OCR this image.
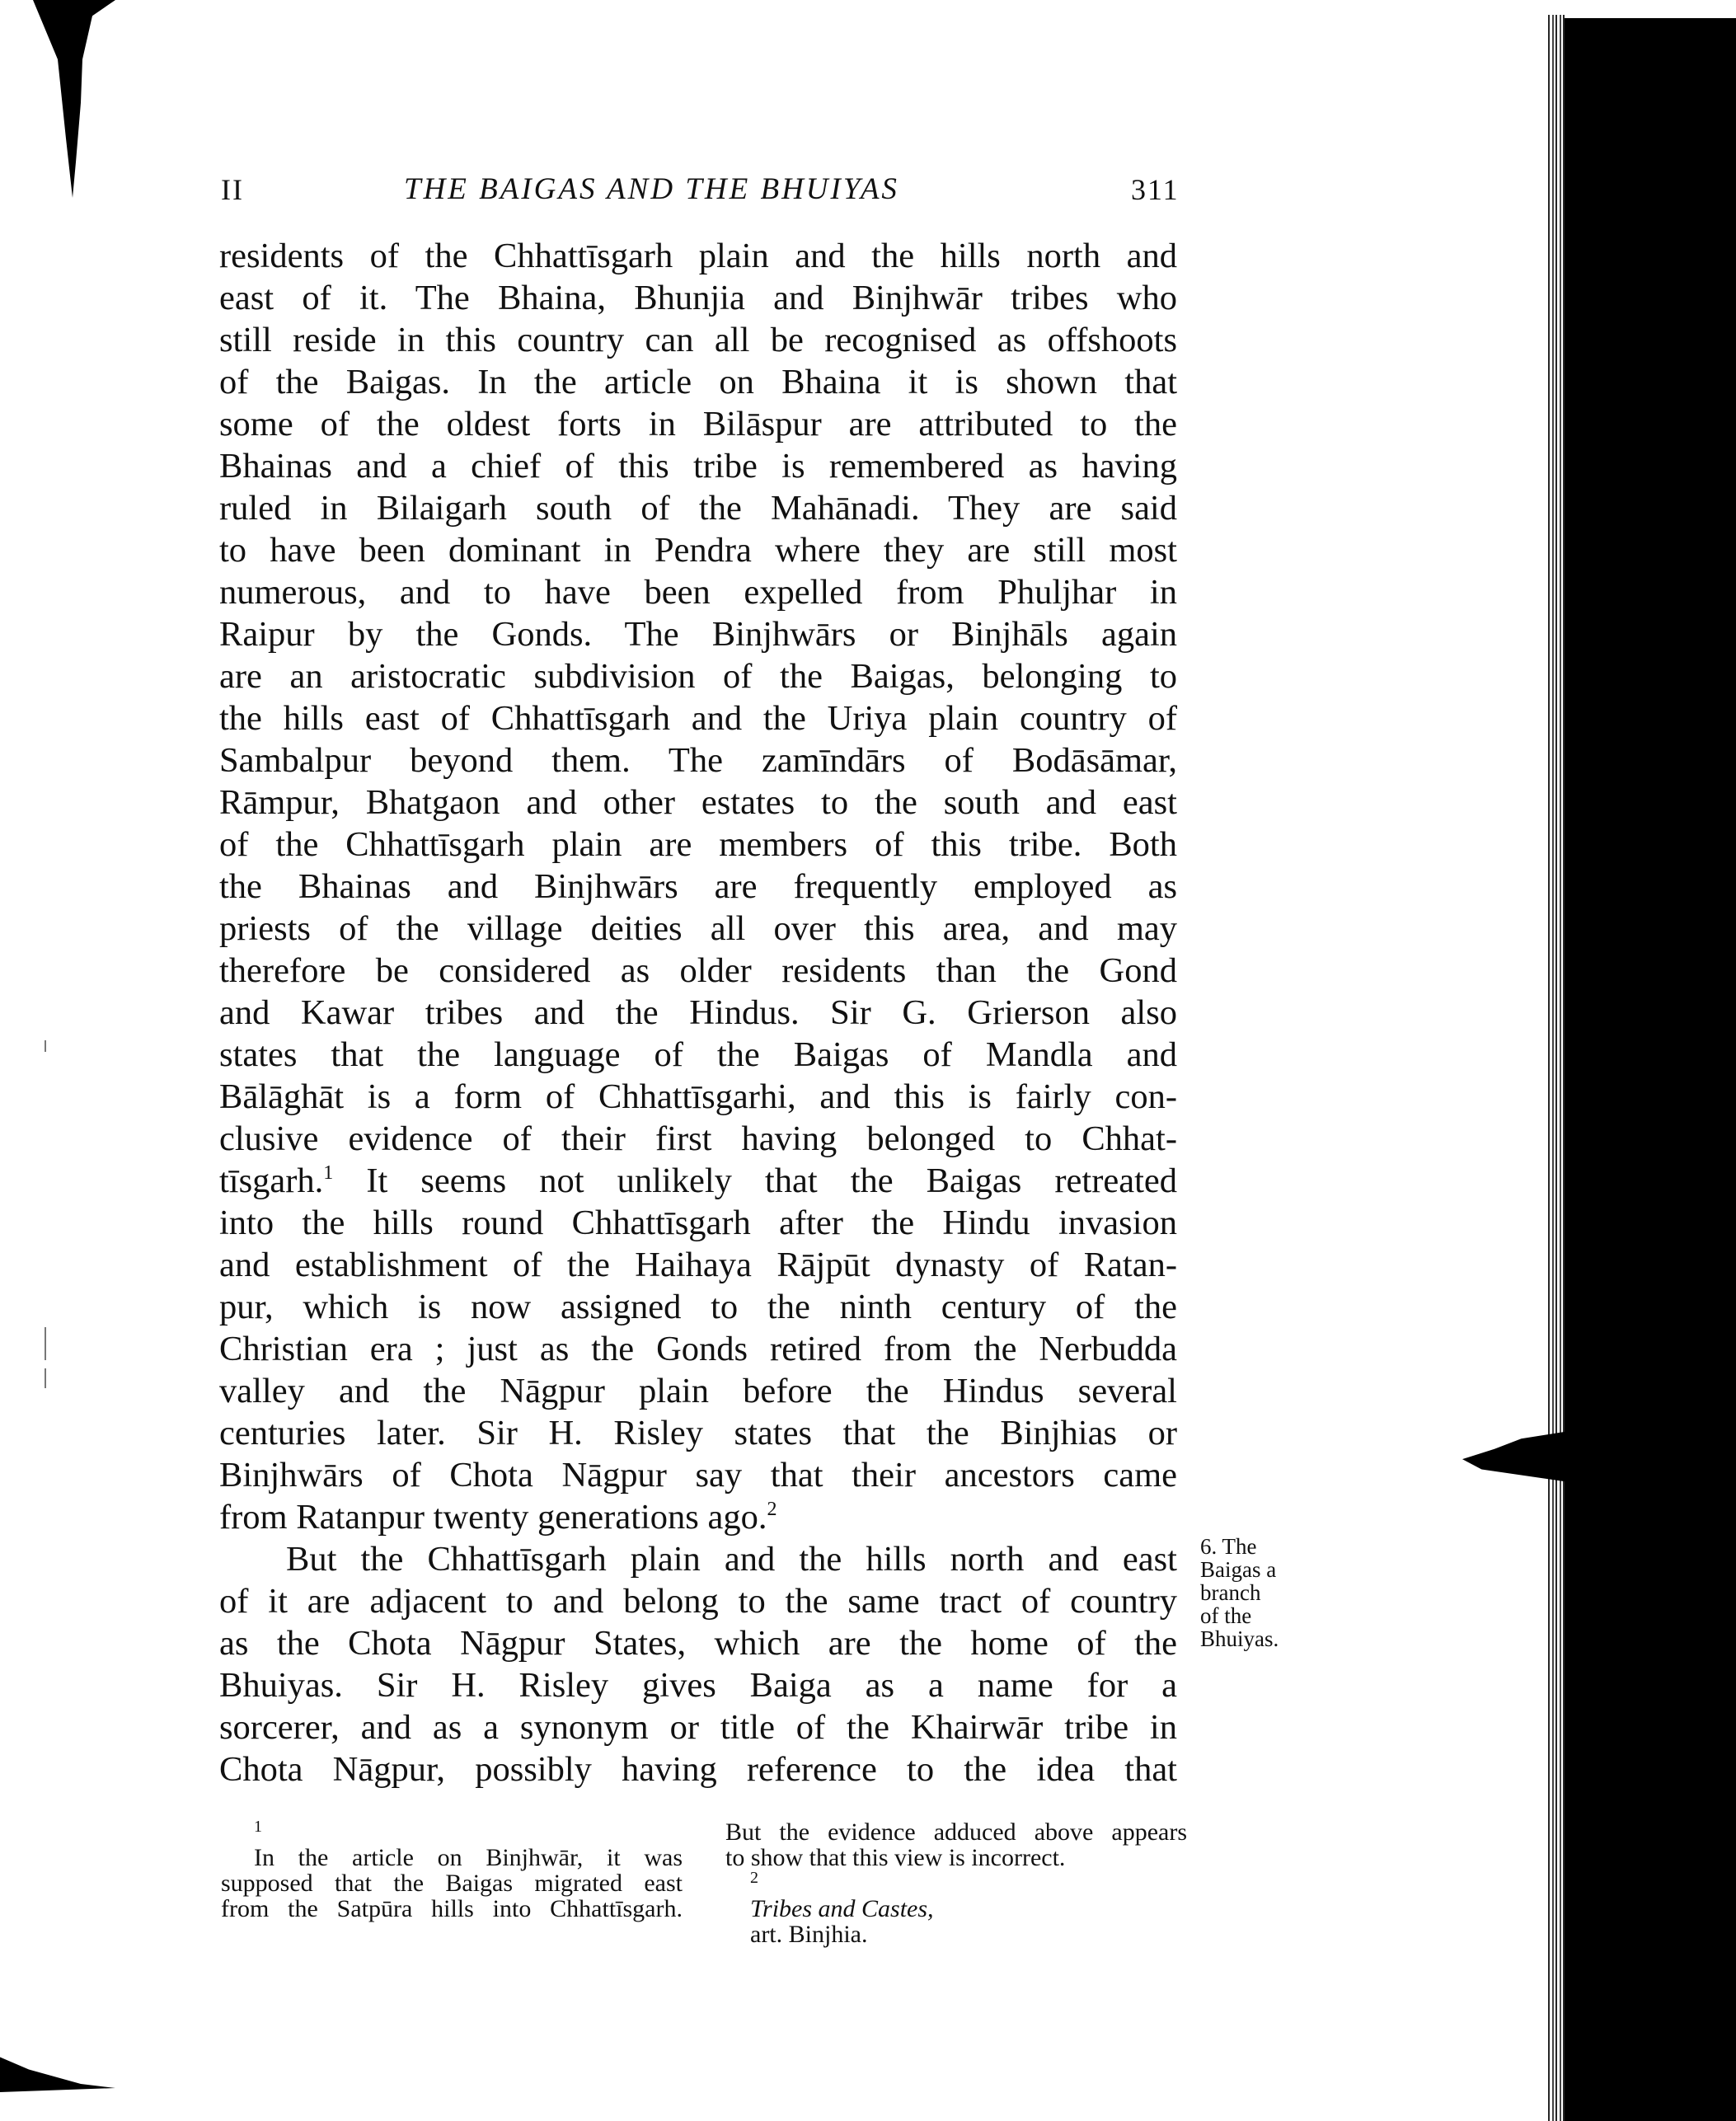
II	THE BAIGAS AND THE BHUIYAS	311
residents of the Chhattīsgarh plain and the hills north and
east of it. The Bhaina, Bhunjia and Binjhwār tribes who
still reside in this country can all be recognised as offshoots
of the Baigas. In the article on Bhaina it is shown that
some of the oldest forts in Bilāspur are attributed to the
Bhainas and a chief of this tribe is remembered as having
ruled in Bilaigarh south of the Mahānadi. They are said
to have been dominant in Pendra where they are still most
numerous, and to have been expelled from Phuljhar in
Raipur by the Gonds. The Binjhwārs or Binjhāls again
are an aristocratic subdivision of the Baigas, belonging to
the hills east of Chhattīsgarh and the Uriya plain country of
Sambalpur beyond them. The zamīndārs of Bodāsāmar,
Rāmpur, Bhatgaon and other estates to the south and east
of the Chhattīsgarh plain are members of this tribe. Both
the Bhainas and Binjhwārs are frequently employed as
priests of the village deities all over this area, and may
therefore be considered as older residents than the Gond
and Kawar tribes and the Hindus. Sir G. Grierson also
states that the language of the Baigas of Mandla and
Bālāghāt is a form of Chhattīsgarhi, and this is fairly con-
clusive evidence of their first having belonged to Chhat-
tīsgarh.$^1$ It seems not unlikely that the Baigas retreated
into the hills round Chhattīsgarh after the Hindu invasion
and establishment of the Haihaya Rājpūt dynasty of Ratan-
pur, which is now assigned to the ninth century of the
Christian era ; just as the Gonds retired from the Nerbudda
valley and the Nāgpur plain before the Hindus several
centuries later. Sir H. Risley states that the Binjhias or
Binjhwārs of Chota Nāgpur say that their ancestors came
from Ratanpur twenty generations ago.$^2$
But the Chhattīsgarh plain and the hills north and east
of it are adjacent to and belong to the same tract of country
as the Chota Nāgpur States, which are the home of the
Bhuiyas. Sir H. Risley gives Baiga as a name for a
sorcerer, and as a synonym or title of the Khairwār tribe in
Chota Nāgpur, possibly having reference to the idea that
6. The
Baigas a
branch
of the
Bhuiyas.
$^1$
In the article on Binjhwār, it was
supposed that the Baigas migrated east
from the Satpūra hills into Chhattīsgarh.
But the evidence adduced above appears
to show that this view is incorrect.
$^2$
Tribes and Castes,
art. Binjhia.
